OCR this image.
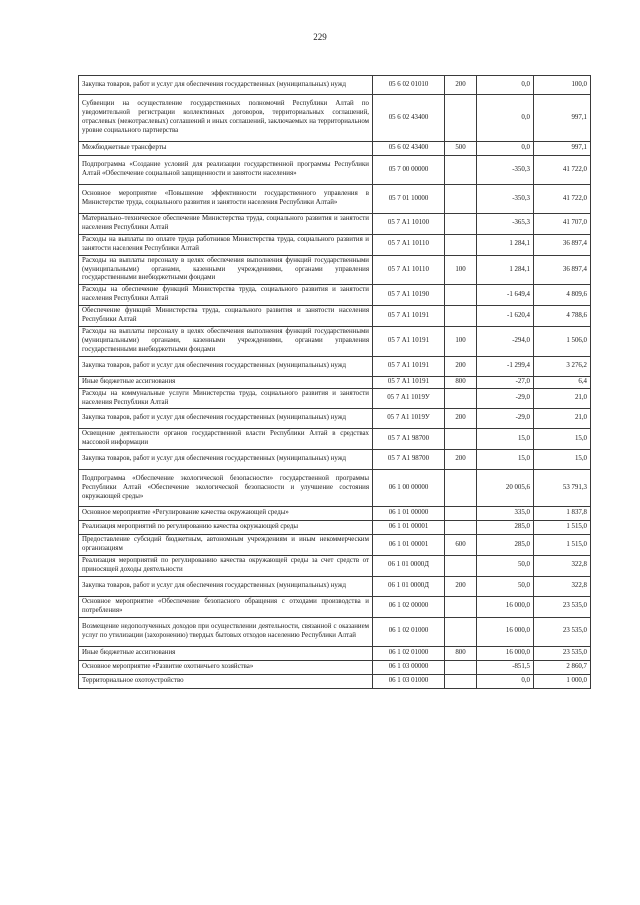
229
Закупка товаров, работ и услуг для обеспечения государственных (муниципальных) нужд	05 6 02 01010	200	0,0	100,0
Субвенции на осуществление государственных полномочий Республики Алтай по уведомительной регистрации коллективных договоров, территориальных соглашений, отраслевых (межотраслевых) соглашений и иных соглашений, заключаемых на территориальном уровне социального партнерства	05 6 02 43400		0,0	997,1
Межбюджетные трансферты	05 6 02 43400	500	0,0	997,1
Подпрограмма «Создание условий для реализации государственной программы Республики Алтай «Обеспечение социальной защищенности и занятости населения»	05 7 00 00000		-350,3	41 722,0
Основное мероприятие «Повышение эффективности государственного управления в Министерстве труда, социального развития и занятости населения Республики Алтай»	05 7 01 10000		-350,3	41 722,0
Материально–техническое обеспечение Министерства труда, социального развития и занятости населения Республики Алтай	05 7 А1 10100		-365,3	41 707,0
Расходы на выплаты по оплате труда работников Министерства труда, социального развития и занятости населения Республики Алтай	05 7 А1 10110		1 284,1	36 897,4
Расходы на выплаты персоналу в целях обеспечения выполнения функций государственными (муниципальными) органами, казенными учреждениями, органами управления государственными внебюджетными фондами	05 7 А1 10110	100	1 284,1	36 897,4
Расходы на обеспечение функций Министерства труда, социального развития и занятости населения Республики Алтай	05 7 А1 10190		-1 649,4	4 809,6
Обеспечение функций Министерства труда, социального развития и занятости населения Республики Алтай	05 7 А1 10191		-1 620,4	4 788,6
Расходы на выплаты персоналу в целях обеспечения выполнения функций государственными (муниципальными) органами, казенными учреждениями, органами управления государственными внебюджетными фондами	05 7 А1 10191	100	-294,0	1 506,0
Закупка товаров, работ и услуг для обеспечения государственных (муниципальных) нужд	05 7 А1 10191	200	-1 299,4	3 276,2
Иные бюджетные ассигнования	05 7 А1 10191	800	-27,0	6,4
Расходы на коммунальные услуги Министерства труда, социального развития и занятости населения Республики Алтай	05 7 А1 1019У		-29,0	21,0
Закупка товаров, работ и услуг для обеспечения государственных (муниципальных) нужд	05 7 А1 1019У	200	-29,0	21,0
Освещение деятельности органов государственной власти Республики Алтай в средствах массовой информации	05 7 А1 98700		15,0	15,0
Закупка товаров, работ и услуг для обеспечения государственных (муниципальных) нужд	05 7 А1 98700	200	15,0	15,0
Подпрограмма «Обеспечение экологической безопасности» государственной программы Республики Алтай «Обеспечение экологической безопасности и улучшение состояния окружающей среды»	06 1 00 00000		20 005,6	53 791,3
Основное мероприятие «Регулирование качества окружающей среды»	06 1 01 00000		335,0	1 837,8
Реализация мероприятий по регулированию качества окружающей среды	06 1 01 00001		285,0	1 515,0
Предоставление субсидий бюджетным, автономным учреждениям и иным некоммерческим организациям	06 1 01 00001	600	285,0	1 515,0
Реализация мероприятий по регулированию качества окружающей среды за счет средств от приносящей доходы деятельности	06 1 01 0000Д		50,0	322,8
Закупка товаров, работ и услуг для обеспечения государственных (муниципальных) нужд	06 1 01 0000Д	200	50,0	322,8
Основное мероприятие «Обеспечение безопасного обращения с отходами производства и потребления»	06 1 02 00000		16 000,0	23 535,0
Возмещение недополученных доходов при осуществлении деятельности, связанной с оказанием услуг по утилизации (захоронению) твердых бытовых отходов населению Республики Алтай	06 1 02 01000		16 000,0	23 535,0
Иные бюджетные ассигнования	06 1 02 01000	800	16 000,0	23 535,0
Основное мероприятие «Развитие охотничьего хозяйства»	06 1 03 00000		-851,5	2 860,7
Территориальное охотоустройство	06 1 03 01000		0,0	1 000,0
